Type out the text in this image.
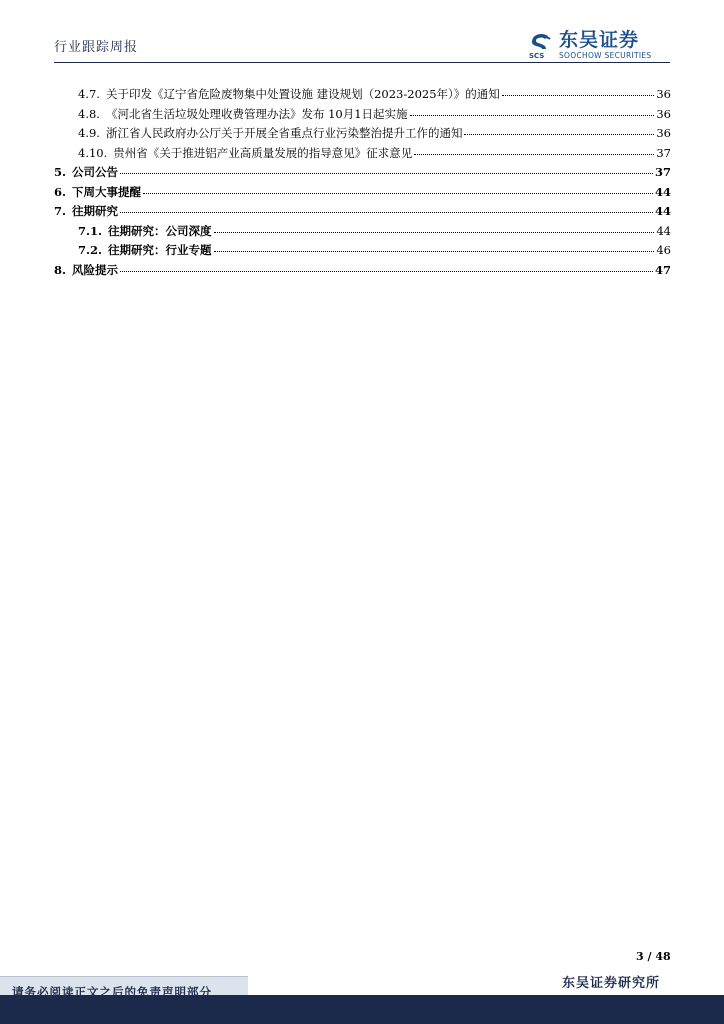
行业跟踪周报
SCS
东吴证券
SOOCHOW SECURITIES
4.7. 关于印发《辽宁省危险废物集中处置设施 建设规划（2023-2025年）》的通知	36
4.8. 《河北省生活垃圾处理收费管理办法》发布 10月1日起实施	36
4.9. 浙江省人民政府办公厅关于开展全省重点行业污染整治提升工作的通知	36
4.10. 贵州省《关于推进铝产业高质量发展的指导意见》征求意见	37
5. 公司公告	37
6. 下周大事提醒	44
7. 往期研究	44
7.1. 往期研究：公司深度	44
7.2. 往期研究：行业专题	46
8. 风险提示	47
3 / 48
东吴证券研究所
请务必阅读正文之后的免责声明部分
